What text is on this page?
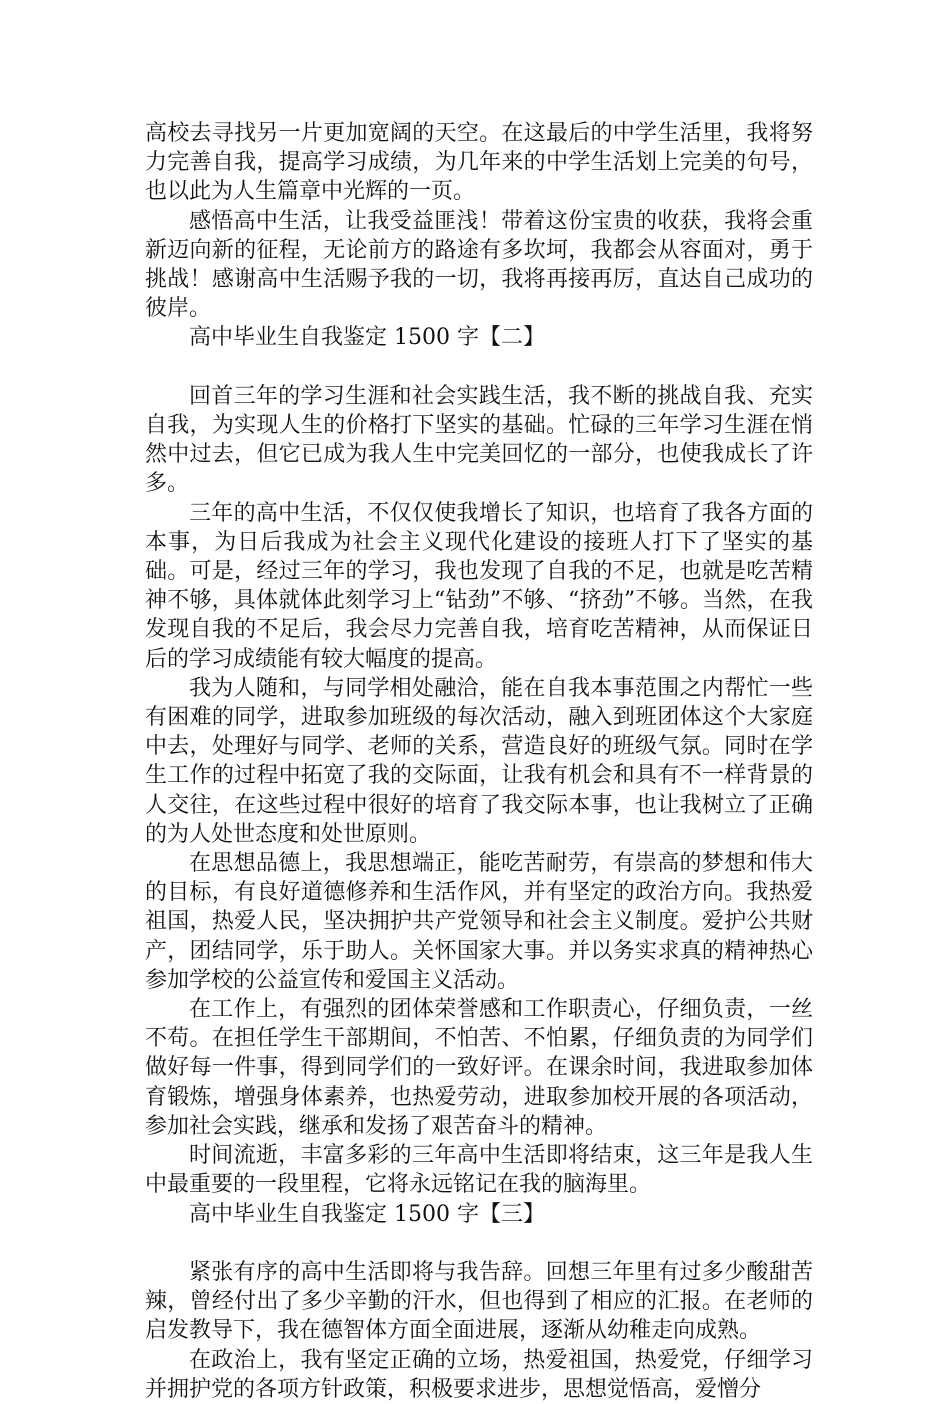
高校去寻找另一片更加宽阔的天空。在这最后的中学生活里，我将努力完善自我，提高学习成绩，为几年来的中学生活划上完美的句号，也以此为人生篇章中光辉的一页。

感悟高中生活，让我受益匪浅！带着这份宝贵的收获，我将会重新迈向新的征程，无论前方的路途有多坎坷，我都会从容面对，勇于挑战！感谢高中生活赐予我的一切，我将再接再厉，直达自己成功的彼岸。

高中毕业生自我鉴定 1500 字【二】

回首三年的学习生涯和社会实践生活，我不断的挑战自我、充实自我，为实现人生的价格打下坚实的基础。忙碌的三年学习生涯在悄然中过去，但它已成为我人生中完美回忆的一部分，也使我成长了许多。

三年的高中生活，不仅仅使我增长了知识，也培育了我各方面的本事，为日后我成为社会主义现代化建设的接班人打下了坚实的基础。可是，经过三年的学习，我也发现了自我的不足，也就是吃苦精神不够，具体就体此刻学习上“钻劲”不够、“挤劲”不够。当然，在我发现自我的不足后，我会尽力完善自我，培育吃苦精神，从而保证日后的学习成绩能有较大幅度的提高。

我为人随和，与同学相处融洽，能在自我本事范围之内帮忙一些有困难的同学，进取参加班级的每次活动，融入到班团体这个大家庭中去，处理好与同学、老师的关系，营造良好的班级气氛。同时在学生工作的过程中拓宽了我的交际面，让我有机会和具有不一样背景的人交往，在这些过程中很好的培育了我交际本事，也让我树立了正确的为人处世态度和处世原则。

在思想品德上，我思想端正，能吃苦耐劳，有崇高的梦想和伟大的目标，有良好道德修养和生活作风，并有坚定的政治方向。我热爱祖国，热爱人民，坚决拥护共产党领导和社会主义制度。爱护公共财产，团结同学，乐于助人。关怀国家大事。并以务实求真的精神热心参加学校的公益宣传和爱国主义活动。

在工作上，有强烈的团体荣誉感和工作职责心，仔细负责，一丝不苟。在担任学生干部期间，不怕苦、不怕累，仔细负责的为同学们做好每一件事，得到同学们的一致好评。在课余时间，我进取参加体育锻炼，增强身体素养，也热爱劳动，进取参加校开展的各项活动，参加社会实践，继承和发扬了艰苦奋斗的精神。

时间流逝，丰富多彩的三年高中生活即将结束，这三年是我人生中最重要的一段里程，它将永远铭记在我的脑海里。

高中毕业生自我鉴定 1500 字【三】

紧张有序的高中生活即将与我告辞。回想三年里有过多少酸甜苦辣，曾经付出了多少辛勤的汗水，但也得到了相应的汇报。在老师的启发教导下，我在德智体方面全面进展，逐渐从幼稚走向成熟。

在政治上，我有坚定正确的立场，热爱祖国，热爱党，仔细学习并拥护党的各项方针政策，积极要求进步，思想觉悟高，爱憎分
